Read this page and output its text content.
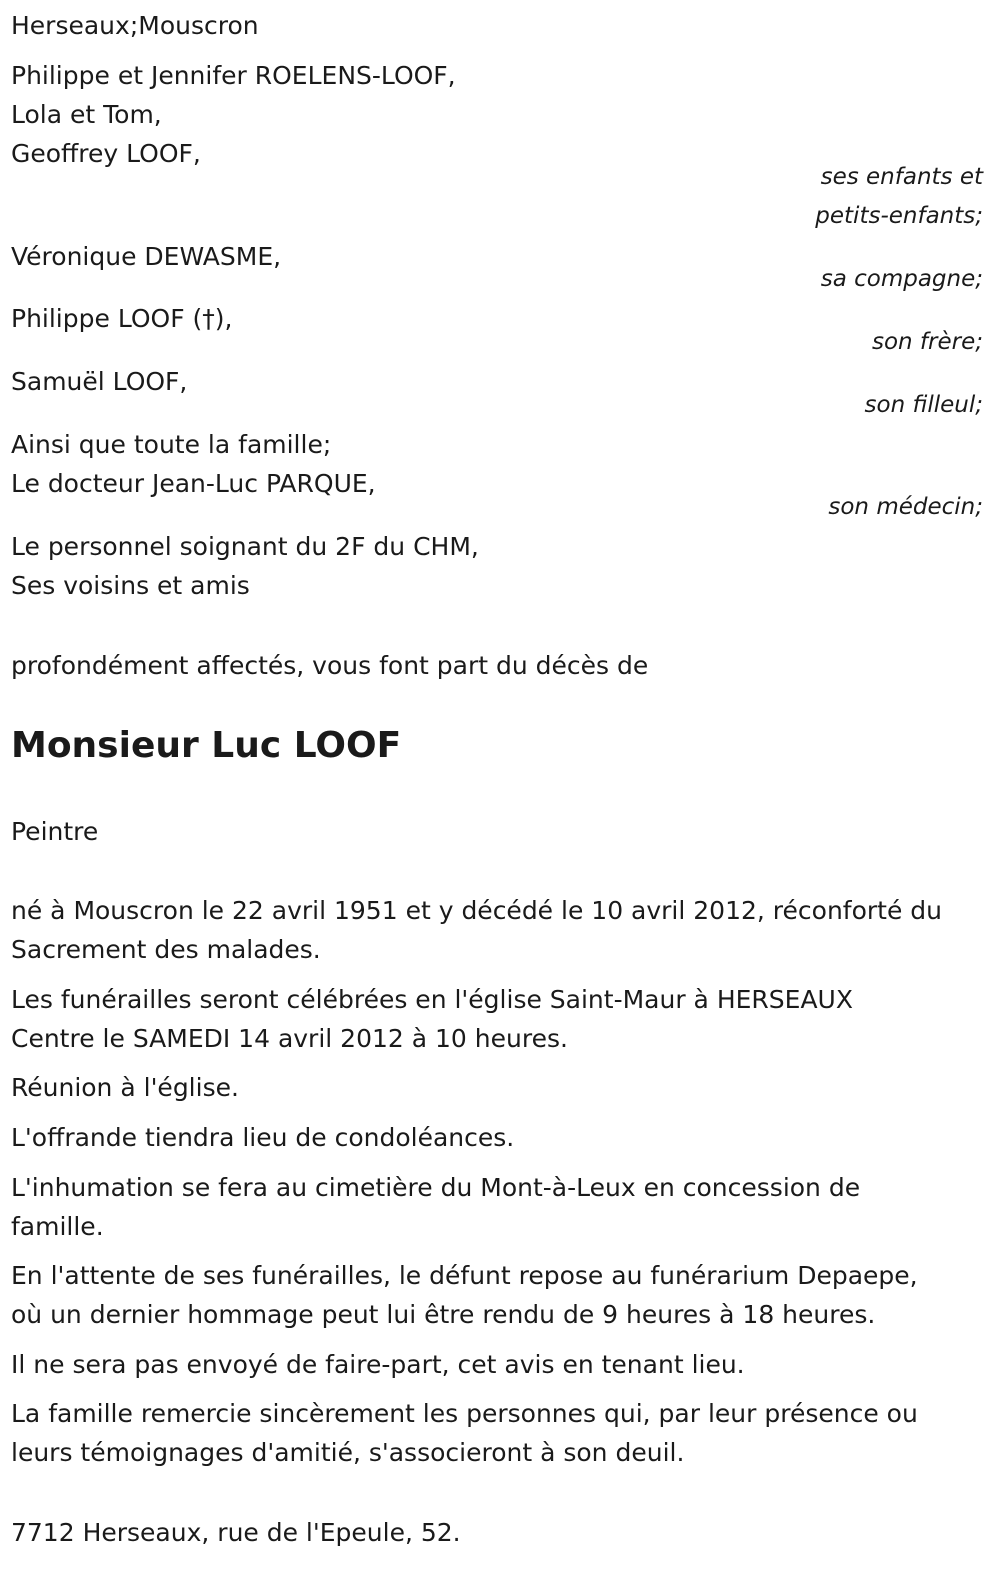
Herseaux;Mouscron
Philippe et Jennifer ROELENS-LOOF,
Lola et Tom,
Geoffrey LOOF,
ses enfants et
petits-enfants;
Véronique DEWASME,
sa compagne;
Philippe LOOF (†),
son frère;
Samuël LOOF,
son filleul;
Ainsi que toute la famille;
Le docteur Jean-Luc PARQUE,
son médecin;
Le personnel soignant du 2F du CHM,
Ses voisins et amis
profondément affectés, vous font part du décès de
Monsieur Luc LOOF
Peintre
né à Mouscron le 22 avril 1951 et y décédé le 10 avril 2012, réconforté du
Sacrement des malades.
Les funérailles seront célébrées en l'église Saint-Maur à HERSEAUX
Centre le SAMEDI 14 avril 2012 à 10 heures.
Réunion à l'église.
L'offrande tiendra lieu de condoléances.
L'inhumation se fera au cimetière du Mont-à-Leux en concession de
famille.
En l'attente de ses funérailles, le défunt repose au funérarium Depaepe,
où un dernier hommage peut lui être rendu de 9 heures à 18 heures.
Il ne sera pas envoyé de faire-part, cet avis en tenant lieu.
La famille remercie sincèrement les personnes qui, par leur présence ou
leurs témoignages d'amitié, s'associeront à son deuil.
7712 Herseaux, rue de l'Epeule, 52.
